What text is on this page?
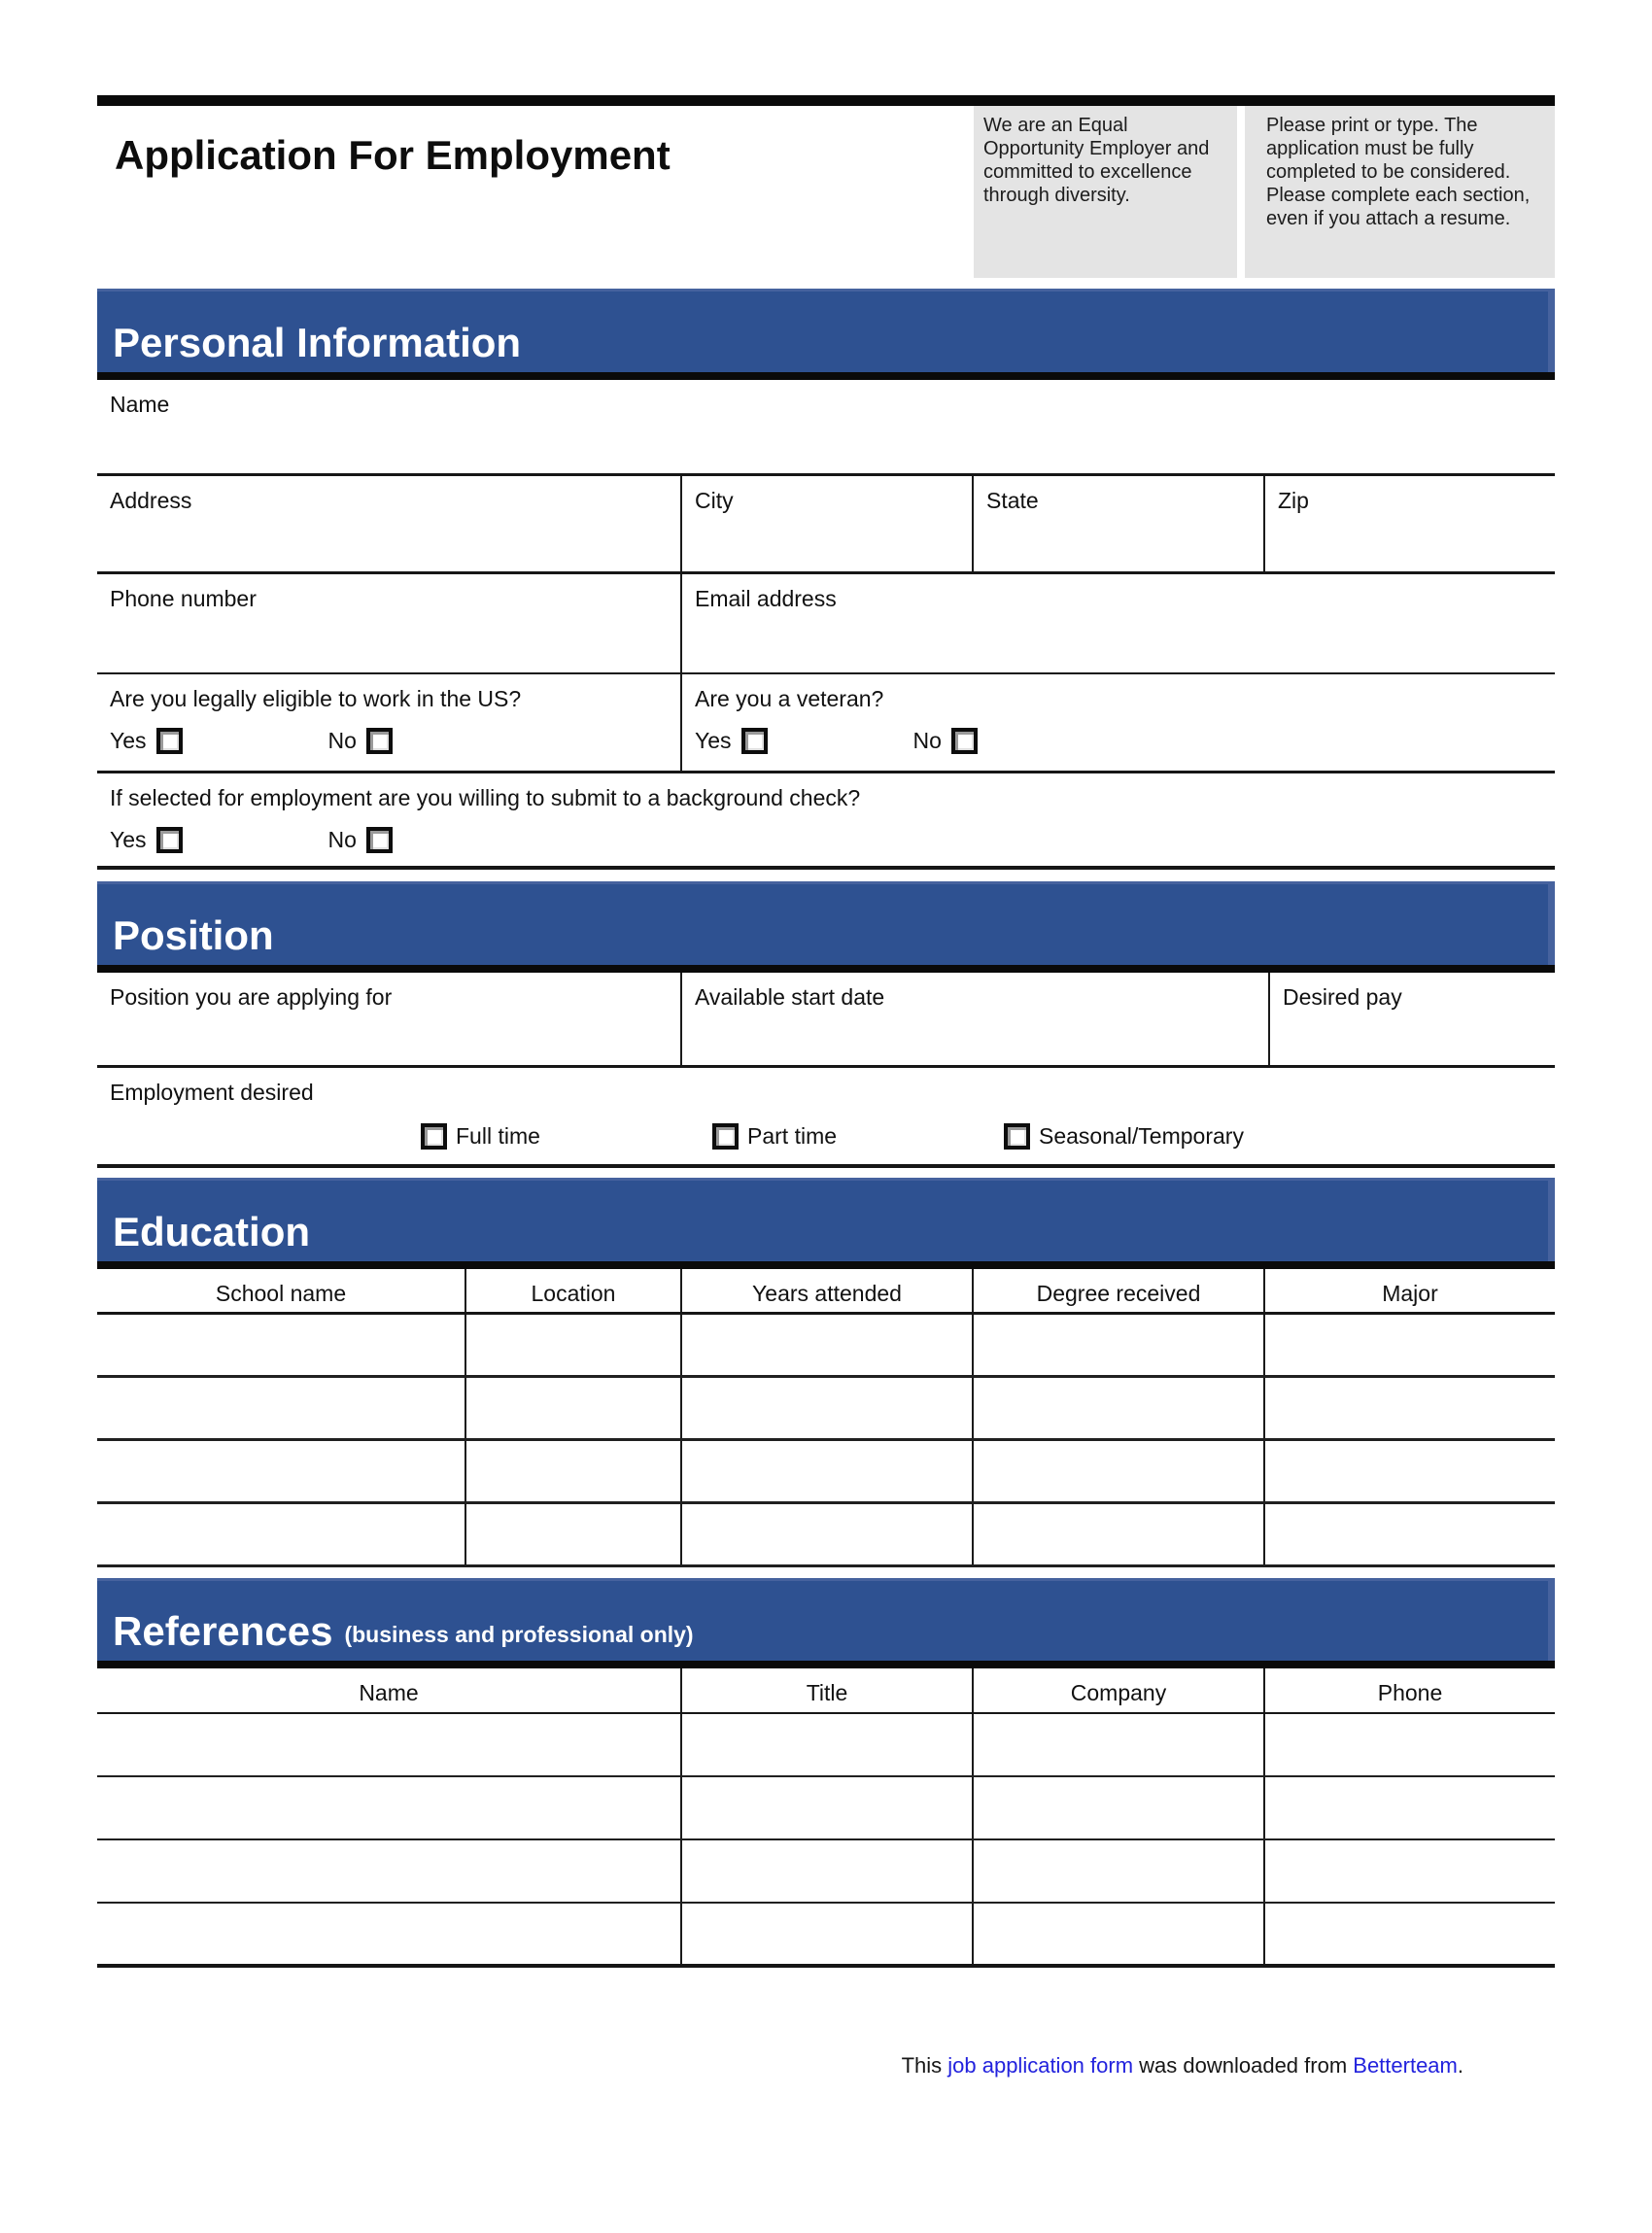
Application For Employment
We are an Equal Opportunity Employer and committed to excellence through diversity.
Please print or type. The application must be fully completed to be considered. Please complete each section, even if you attach a resume.
Personal Information
Name
Address	City	State	Zip
Phone number	Email address
Are you legally eligible to work in the US?
Yes	No
Are you a veteran?
Yes	No
If selected for employment are you willing to submit to a background check?
Yes	No
Position
Position you are applying for	Available start date	Desired pay
Employment desired
Full time	Part time	Seasonal/Temporary
Education
School name	Location	Years attended	Degree received	Major
References (business and professional only)
Name	Title	Company	Phone
This job application form was downloaded from Betterteam.
